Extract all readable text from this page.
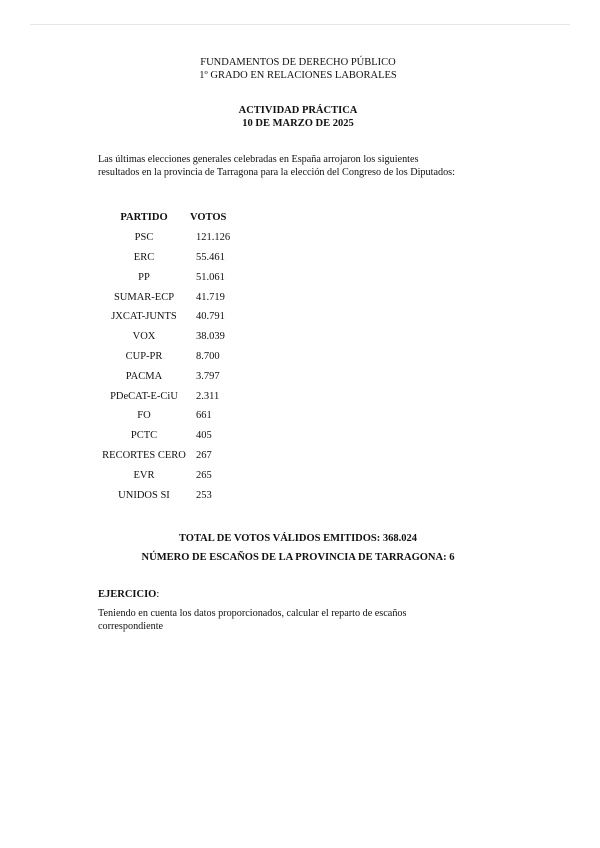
FUNDAMENTOS DE DERECHO PÚBLICO
1º GRADO EN RELACIONES LABORALES
ACTIVIDAD PRÁCTICA
10 DE MARZO DE 2025
Las últimas elecciones generales celebradas en España arrojaron los siguientes
resultados en la provincia de Tarragona para la elección del Congreso de los Diputados:
PARTIDO	VOTOS
PSC	121.126
ERC	55.461
PP	51.061
SUMAR-ECP	41.719
JXCAT-JUNTS	40.791
VOX	38.039
CUP-PR	8.700
PACMA	3.797
PDeCAT-E-CiU	2.311
FO	661
PCTC	405
RECORTES CERO	267
EVR	265
UNIDOS SI	253
TOTAL DE VOTOS VÁLIDOS EMITIDOS: 368.024
NÚMERO DE ESCAÑOS DE LA PROVINCIA DE TARRAGONA: 6
EJERCICIO:
Teniendo en cuenta los datos proporcionados, calcular el reparto de escaños
correspondiente
